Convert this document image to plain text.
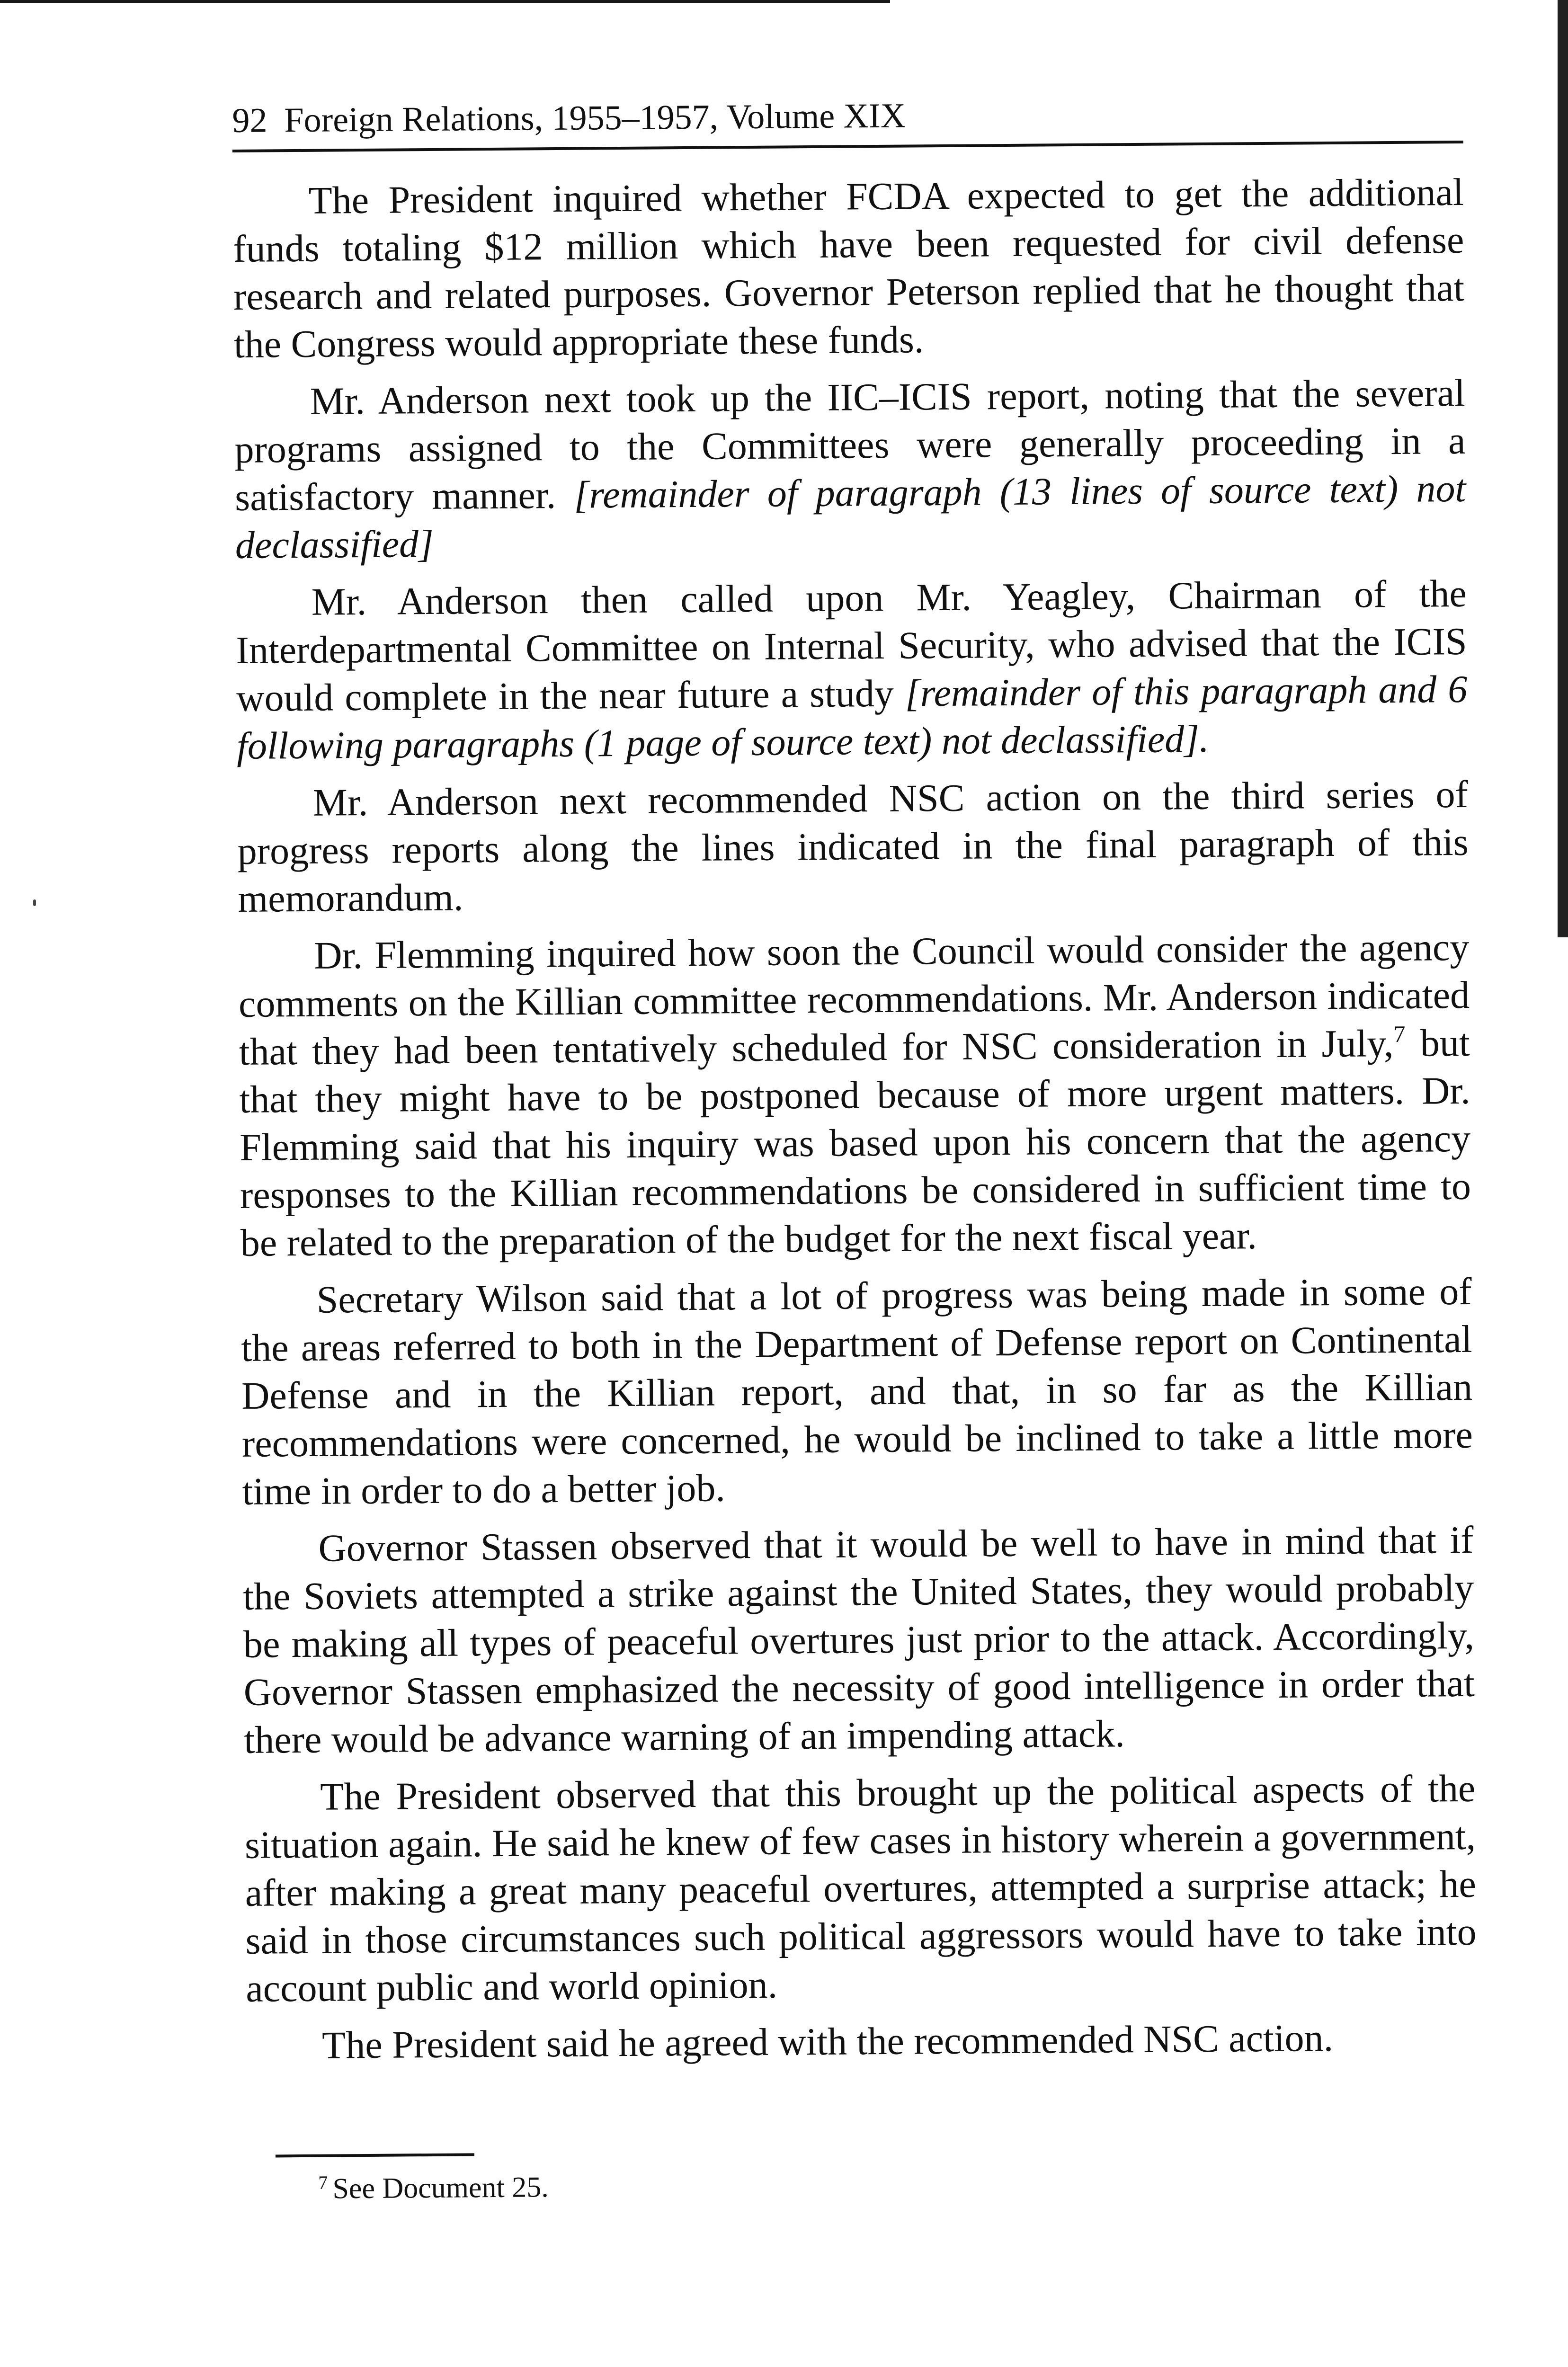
92 Foreign Relations, 1955–1957, Volume XIX

The President inquired whether FCDA expected to get the additional funds totaling $12 million which have been requested for civil defense research and related purposes. Governor Peterson replied that he thought that the Congress would appropriate these funds.

Mr. Anderson next took up the IIC–ICIS report, noting that the several programs assigned to the Committees were generally proceeding in a satisfactory manner. [remainder of paragraph (13 lines of source text) not declassified]

Mr. Anderson then called upon Mr. Yeagley, Chairman of the Interdepartmental Committee on Internal Security, who advised that the ICIS would complete in the near future a study [remainder of this paragraph and 6 following paragraphs (1 page of source text) not declassified].

Mr. Anderson next recommended NSC action on the third series of progress reports along the lines indicated in the final paragraph of this memorandum.

Dr. Flemming inquired how soon the Council would consider the agency comments on the Killian committee recommendations. Mr. Anderson indicated that they had been tentatively scheduled for NSC consideration in July,$^7$ but that they might have to be postponed because of more urgent matters. Dr. Flemming said that his inquiry was based upon his concern that the agency responses to the Killian recommendations be considered in sufficient time to be related to the preparation of the budget for the next fiscal year.

Secretary Wilson said that a lot of progress was being made in some of the areas referred to both in the Department of Defense report on Continental Defense and in the Killian report, and that, in so far as the Killian recommendations were concerned, he would be inclined to take a little more time in order to do a better job.

Governor Stassen observed that it would be well to have in mind that if the Soviets attempted a strike against the United States, they would probably be making all types of peaceful overtures just prior to the attack. Accordingly, Governor Stassen emphasized the necessity of good intelligence in order that there would be advance warning of an impending attack.

The President observed that this brought up the political aspects of the situation again. He said he knew of few cases in history wherein a government, after making a great many peaceful overtures, attempted a surprise attack; he said in those circumstances such political aggressors would have to take into account public and world opinion.

The President said he agreed with the recommended NSC action.

$^7$ See Document 25.
